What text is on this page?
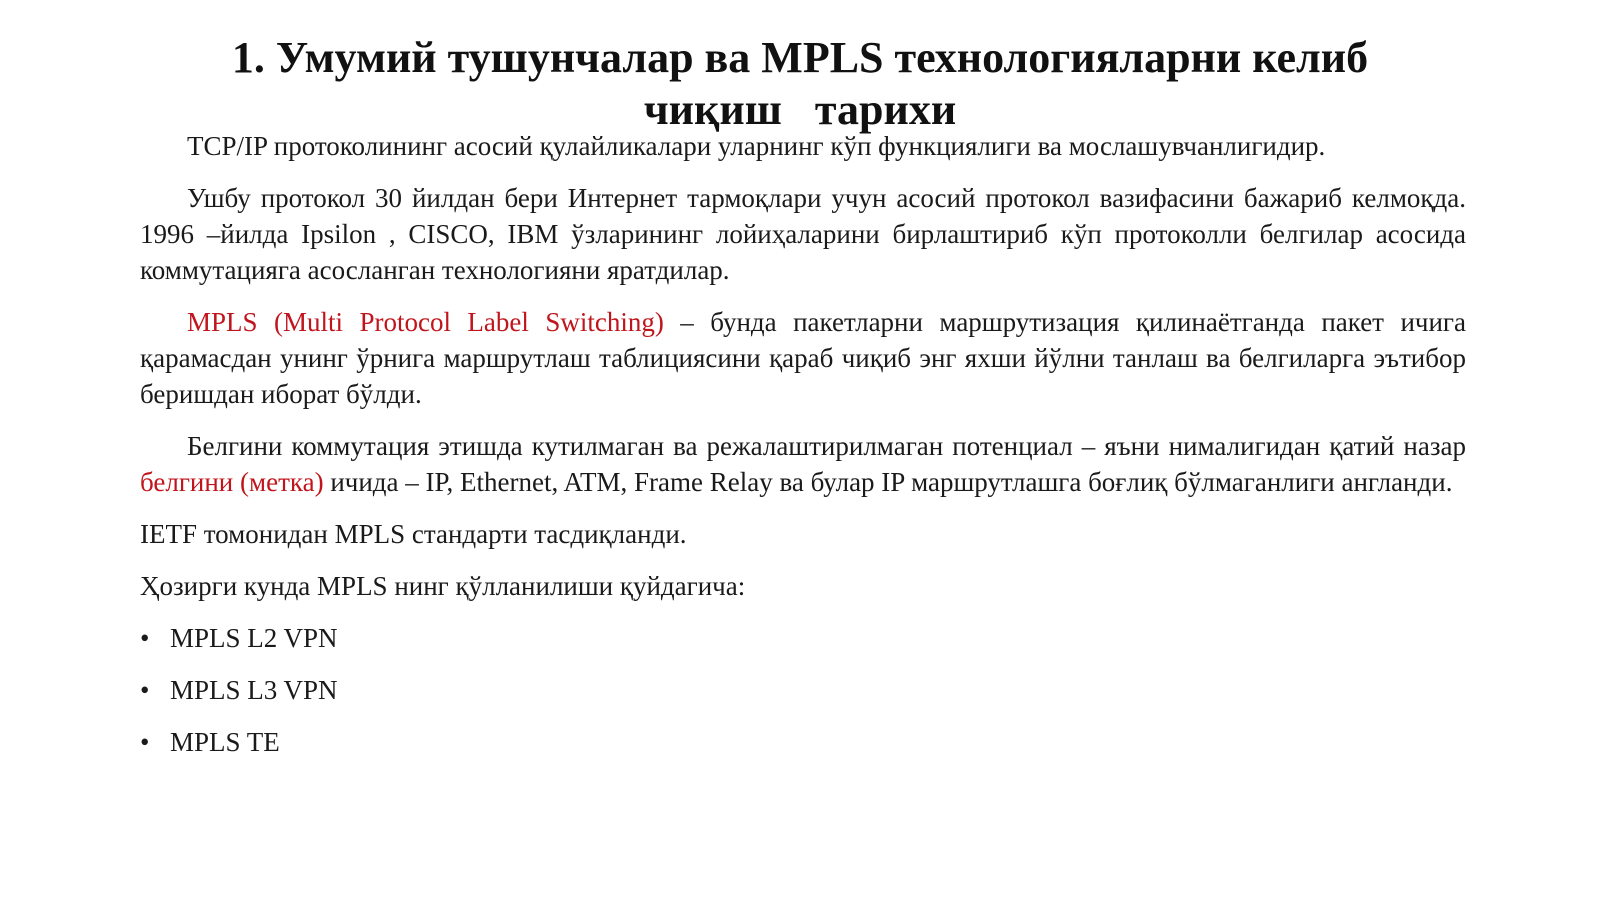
1. Умумий тушунчалар ва MPLS технологияларни келиб
чиқиш   тарихи

TCP/IP протоколининг асосий қулайликалари уларнинг кўп функциялиги ва мослашувчанлигидир.

Ушбу протокол 30 йилдан бери Интернет тармоқлари учун асосий протокол вазифасини бажариб келмоқда. 1996 –йилда Ipsilon , CISCO, IBM ўзларининг лойиҳаларини бирлаштириб кўп протоколли белгилар асосида коммутацияга асосланган технологияни яратдилар.

MPLS (Multi Protocol Label Switching) – бунда пакетларни маршрутизация қилинаётганда пакет ичига қарамасдан унинг ўрнига маршрутлаш таблициясини қараб чиқиб энг яхши йўлни танлаш ва белгиларга эътибор беришдан иборат бўлди.

Белгини коммутация этишда кутилмаган ва режалаштирилмаган потенциал – яъни нималигидан қатий назар белгини (метка) ичида – IP, Ethernet, ATM, Frame Relay ва булар IP маршрутлашга боғлиқ бўлмаганлиги англанди.

IETF томонидан MPLS стандарти тасдиқланди.

Ҳозирги кунда MPLS нинг қўлланилиши қуйдагича:

• MPLS L2 VPN
• MPLS L3 VPN
• MPLS TE
